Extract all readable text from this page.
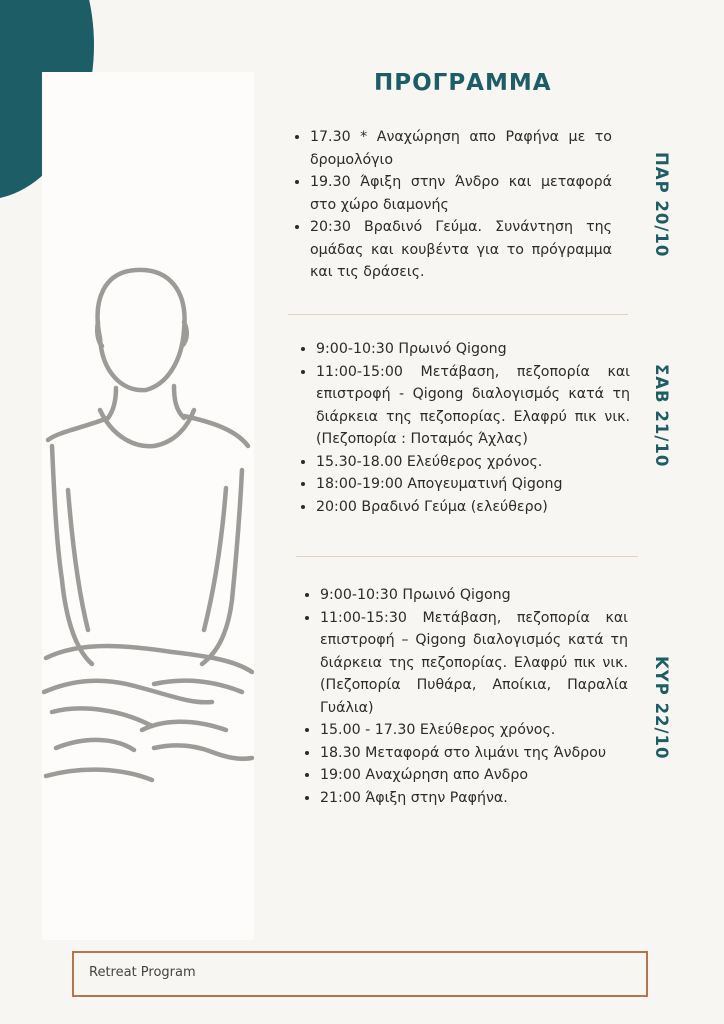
ΠΡΟΓΡΑΜΜΑ
• 17.30 * Αναχώρηση απο Ραφήνα με το δρομολόγιο
• 19.30 Άφιξη στην Άνδρο και μεταφορά στο χώρο διαμονής
• 20:30 Βραδινό Γεύμα. Συνάντηση της ομάδας και κουβέντα για το πρόγραμμα και τις δράσεις.
ΠΑΡ 20/10
• 9:00-10:30 Πρωινό Qigong
• 11:00-15:00 Μετάβαση, πεζοπορία και επιστροφή - Qigong διαλογισμός κατά τη διάρκεια της πεζοπορίας. Ελαφρύ πικ νικ. (Πεζοπορία : Ποταμός Άχλας)
• 15.30-18.00 Ελεύθερος χρόνος.
• 18:00-19:00 Απογευματινή Qigong
• 20:00 Βραδινό Γεύμα (ελεύθερο)
ΣΑΒ 21/10
• 9:00-10:30 Πρωινό Qigong
• 11:00-15:30 Μετάβαση, πεζοπορία και επιστροφή – Qigong διαλογισμός κατά τη διάρκεια της πεζοπορίας. Ελαφρύ πικ νικ. (Πεζοπορία Πυθάρα, Αποίκια, Παραλία Γυάλια)
• 15.00 - 17.30 Ελεύθερος χρόνος.
• 18.30 Μεταφορά στο λιμάνι της Άνδρου
• 19:00 Αναχώρηση απο Ανδρο
• 21:00 Άφιξη στην Ραφήνα.
ΚΥΡ 22/10
Retreat Program
